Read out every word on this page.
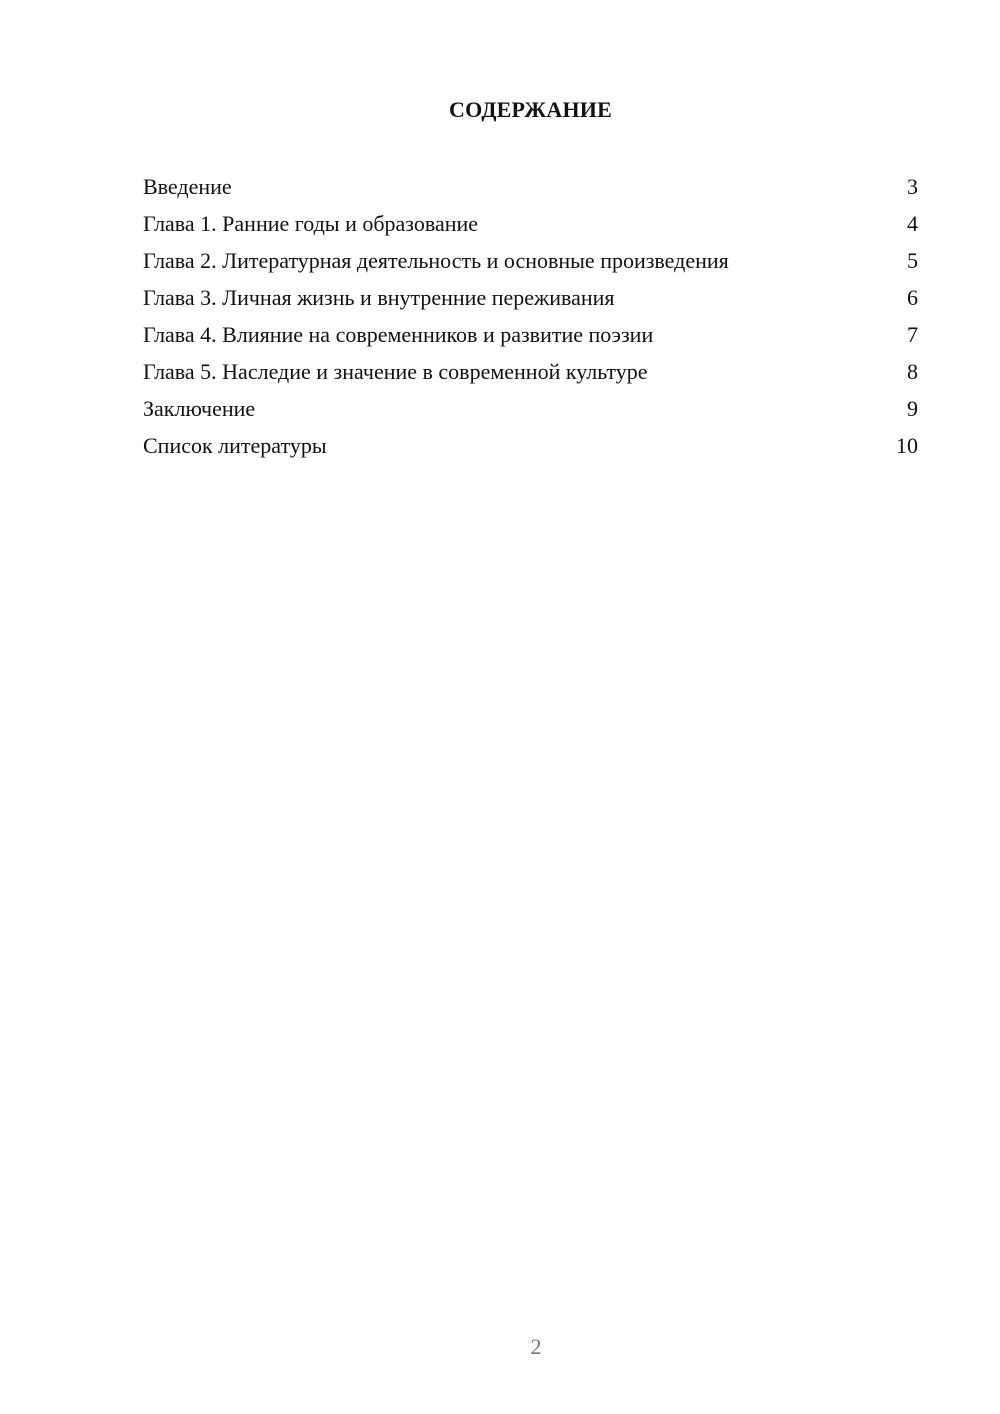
СОДЕРЖАНИЕ
Введение	3
Глава 1. Ранние годы и образование	4
Глава 2. Литературная деятельность и основные произведения	5
Глава 3. Личная жизнь и внутренние переживания	6
Глава 4. Влияние на современников и развитие поэзии	7
Глава 5. Наследие и значение в современной культуре	8
Заключение	9
Список литературы	10
2
